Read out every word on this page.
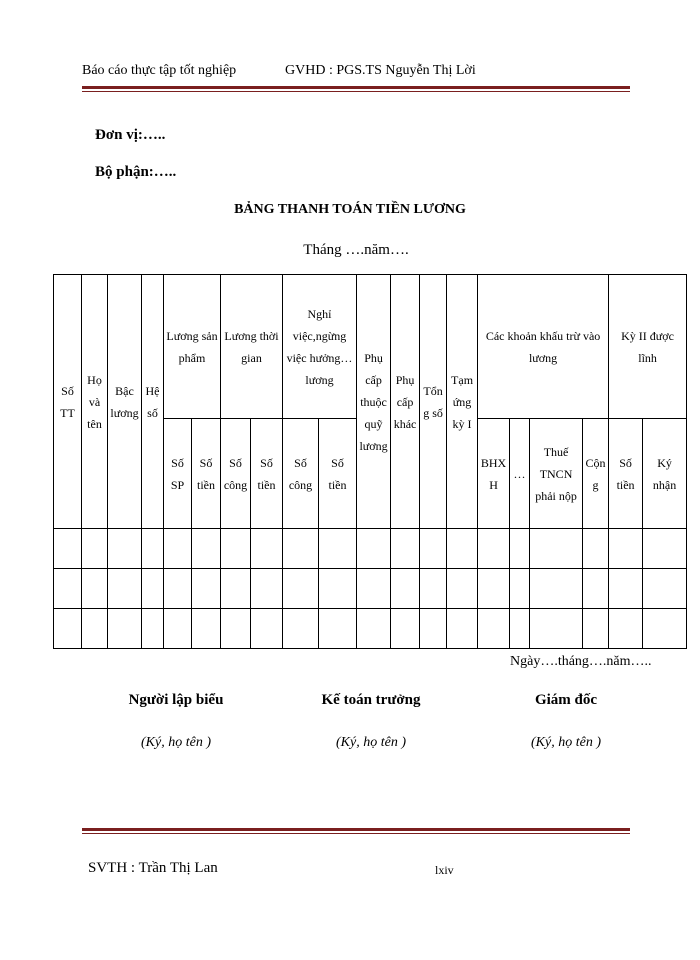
Báo cáo thực tập tốt nghiệp	GVHD : PGS.TS Nguyễn Thị Lời
Đơn vị:…..
Bộ phận:…..
BẢNG THANH TOÁN TIỀN LƯƠNG
Tháng ….năm….
Số TT	Họ và tên	Bậc lương	Hệ số	Lương sản phẩm		Lương thời gian		Nghỉ việc,ngừng việc hưởng…lương		Phụ cấp thuộc quỹ lương	Phụ cấp khác	Tổng số	Tạm ứng kỳ I	Các khoản khấu trừ vào lương				Kỳ II được lĩnh	
				Số SP	Số tiền	Số công	Số tiền	Số công	Số tiền					BHXH	…	Thuế TNCN phải nộp	Cộng	Số tiền	Ký nhận

Ngày….tháng….năm…..
Người lập biểu	Kế toán trưởng	Giám đốc
(Ký, họ tên )	(Ký, họ tên )	(Ký, họ tên )
SVTH : Trần Thị Lan	lxiv
